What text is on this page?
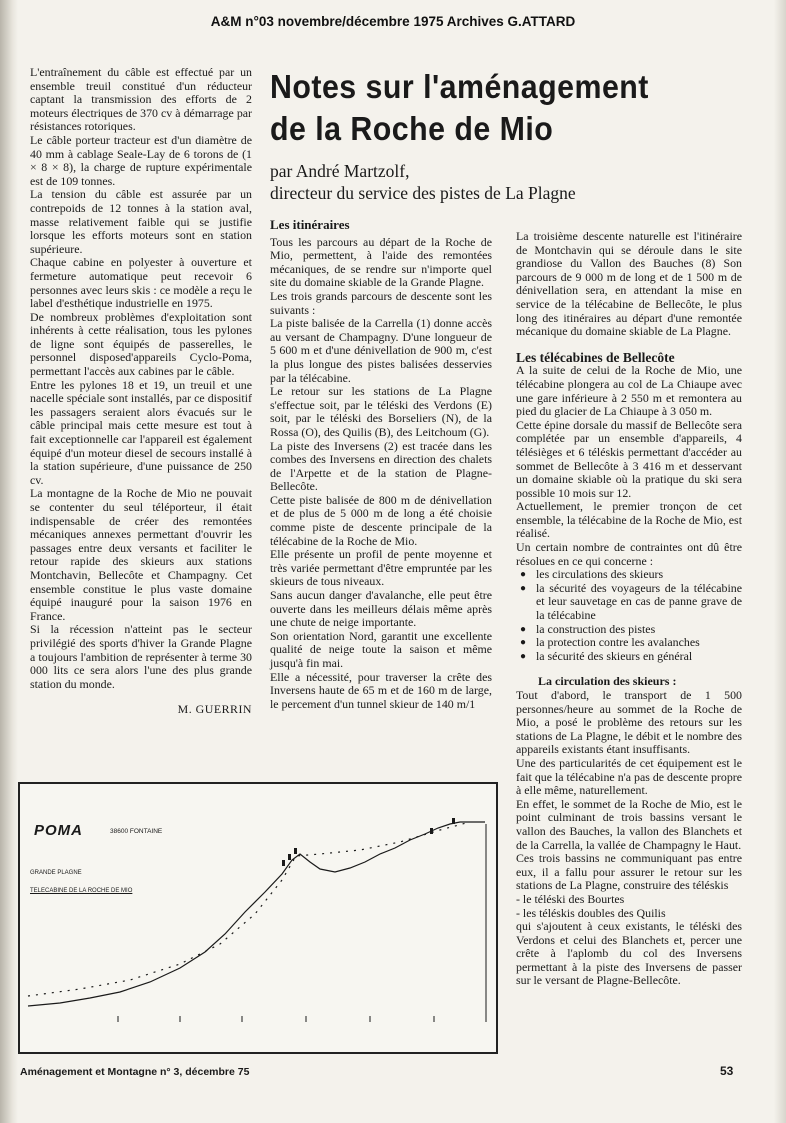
A&M n°03 novembre/décembre 1975 Archives G.ATTARD

L'entraînement du câble est effectué par un ensemble treuil constitué d'un réducteur captant la transmission des efforts de 2 moteurs électriques de 370 cv à démarrage par résistances rotoriques.

Le câble porteur tracteur est d'un diamètre de 40 mm à cablage Seale-Lay de 6 torons de (1 × 8 × 8), la charge de rupture expérimentale est de 109 tonnes.

La tension du câble est assurée par un contrepoids de 12 tonnes à la station aval, masse relativement faible qui se justifie lorsque les efforts moteurs sont en station supérieure.

Chaque cabine en polyester à ouverture et fermeture automatique peut recevoir 6 personnes avec leurs skis : ce modèle a reçu le label d'esthétique industrielle en 1975.

De nombreux problèmes d'exploitation sont inhérents à cette réalisation, tous les pylones de ligne sont équipés de passerelles, le personnel disposed'appareils Cyclo-Poma, permettant l'accès aux cabines par le câble.

Entre les pylones 18 et 19, un treuil et une nacelle spéciale sont installés, par ce dispositif les passagers seraient alors évacués sur le câble principal mais cette mesure est tout à fait exceptionnelle car l'appareil est également équipé d'un moteur diesel de secours installé à la station supérieure, d'une puissance de 250 cv.

La montagne de la Roche de Mio ne pouvait se contenter du seul téléporteur, il était indispensable de créer des remontées mécaniques annexes permettant d'ouvrir les passages entre deux versants et faciliter le retour rapide des skieurs aux stations Montchavin, Bellecôte et Champagny. Cet ensemble constitue le plus vaste domaine équipé inauguré pour la saison 1976 en France.

Si la récession n'atteint pas le secteur privilégié des sports d'hiver la Grande Plagne a toujours l'ambition de représenter à terme 30 000 lits ce sera alors l'une des plus grande station du monde.

M. GUERRIN

Notes sur l'aménagement
de la Roche de Mio
par André Martzolf,
directeur du service des pistes de La Plagne
Les itinéraires

Tous les parcours au départ de la Roche de Mio, permettent, à l'aide des remontées mécaniques, de se rendre sur n'importe quel site du domaine skiable de la Grande Plagne.

Les trois grands parcours de descente sont les suivants :

La piste balisée de la Carrella (1) donne accès au versant de Champagny. D'une longueur de 5 600 m et d'une dénivellation de 900 m, c'est la plus longue des pistes balisées desservies par la télécabine.

Le retour sur les stations de La Plagne s'effectue soit, par le téléski des Verdons (E) soit, par le téléski des Borseliers (N), de la Rossa (O), des Quilis (B), des Leitchoum (G).

La piste des Inversens (2) est tracée dans les combes des Inversens en direction des chalets de l'Arpette et de la station de Plagne-Bellecôte.

Cette piste balisée de 800 m de dénivellation et de plus de 5 000 m de long a été choisie comme piste de descente principale de la télécabine de la Roche de Mio.

Elle présente un profil de pente moyenne et très variée permettant d'être empruntée par les skieurs de tous niveaux.

Sans aucun danger d'avalanche, elle peut être ouverte dans les meilleurs délais même après une chute de neige importante.

Son orientation Nord, garantit une excellente qualité de neige toute la saison et même jusqu'à fin mai.

Elle a nécessité, pour traverser la crête des Inversens haute de 65 m et de 160 m de large, le percement d'un tunnel skieur de 140 m/1

La troisième descente naturelle est l'itinéraire de Montchavin qui se déroule dans le site grandiose du Vallon des Bauches (8) Son parcours de 9 000 m de long et de 1 500 m de dénivellation sera, en attendant la mise en service de la télécabine de Bellecôte, le plus long des itinéraires au départ d'une remontée mécanique du domaine skiable de La Plagne.

Les télécabines de Bellecôte

A la suite de celui de la Roche de Mio, une télécabine plongera au col de La Chiaupe avec une gare inférieure à 2 550 m et remontera au pied du glacier de La Chiaupe à 3 050 m.

Cette épine dorsale du massif de Bellecôte sera complétée par un ensemble d'appareils, 4 télésièges et 6 téléskis permettant d'accéder au sommet de Bellecôte à 3 416 m et desservant un domaine skiable où la pratique du ski sera possible 10 mois sur 12.

Actuellement, le premier tronçon de cet ensemble, la télécabine de la Roche de Mio, est réalisé.

Un certain nombre de contraintes ont dû être résolues en ce qui concerne :

● les circulations des skieurs
● la sécurité des voyageurs de la télécabine et leur sauvetage en cas de panne grave de la télécabine
● la construction des pistes
● la protection contre les avalanches
● la sécurité des skieurs en général
La circulation des skieurs :

Tout d'abord, le transport de 1 500 personnes/heure au sommet de la Roche de Mio, a posé le problème des retours sur les stations de La Plagne, le débit et le nombre des appareils existants étant insuffisants.

Une des particularités de cet équipement est le fait que la télécabine n'a pas de descente propre à elle même, naturellement.

En effet, le sommet de la Roche de Mio, est le point culminant de trois bassins versant le vallon des Bauches, la vallon des Blanchets et de la Carrella, la vallée de Champagny le Haut.

Ces trois bassins ne communiquant pas entre eux, il a fallu pour assurer le retour sur les stations de La Plagne, construire des téléskis

- le téléski des Bourtes

- les téléskis doubles des Quilis

qui s'ajoutent à ceux existants, le téléski des Verdons et celui des Blanchets et, percer une crête à l'aplomb du col des Inversens permettant à la piste des Inversens de passer sur le versant de Plagne-Bellecôte.

POMA	38600 FONTAINE
GRANDE PLAGNE
TELECABINE DE LA ROCHE DE MIO
Aménagement et Montagne n° 3, décembre 75	53
